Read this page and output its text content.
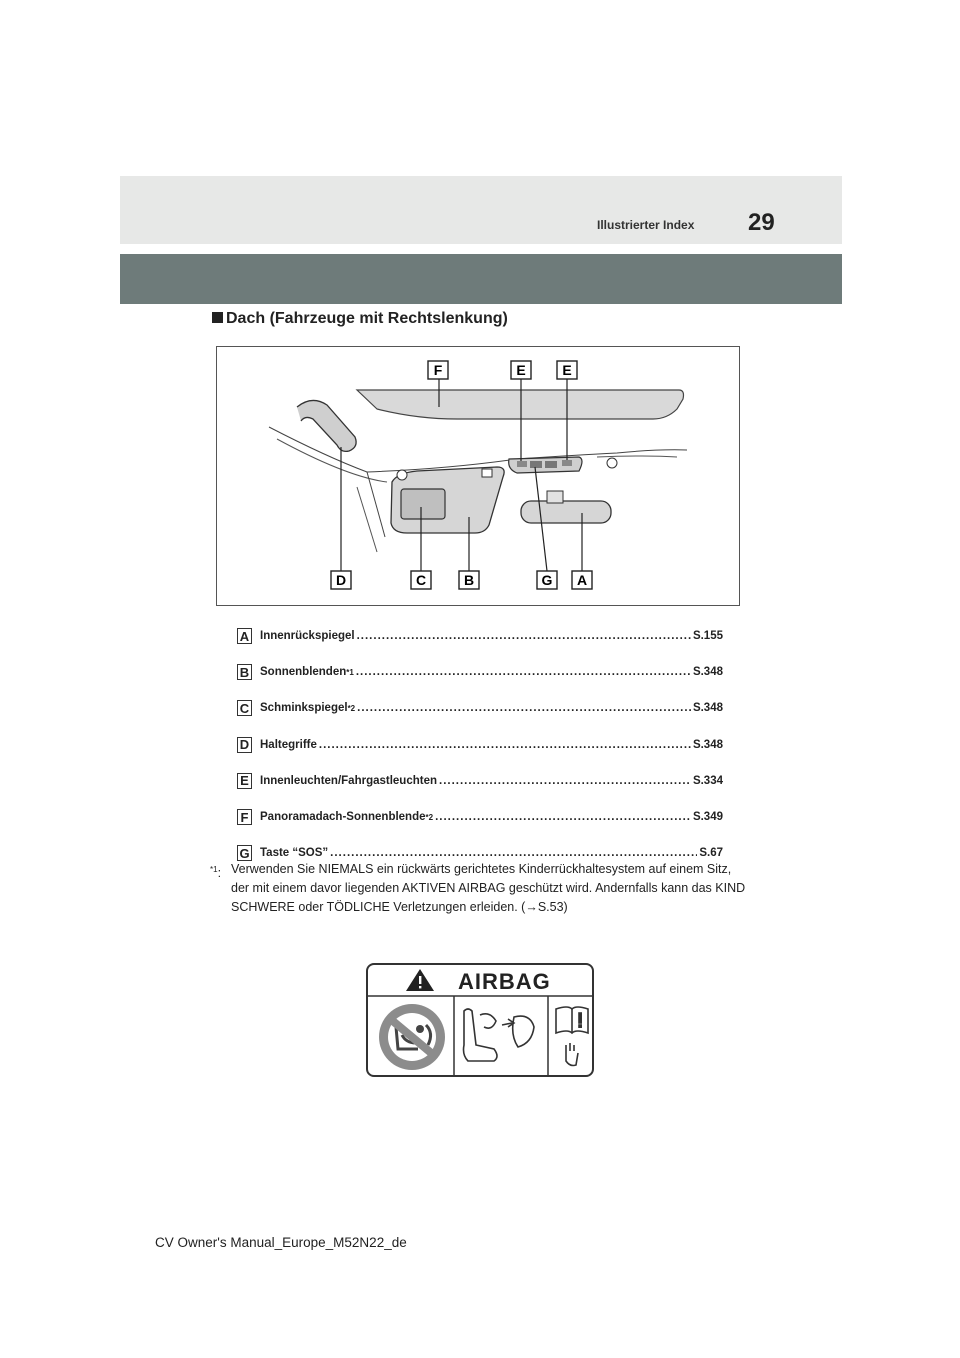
Illustrierter Index 29
Dach (Fahrzeuge mit Rechtslenkung)
F	E	E
D	C	B	G A
A Innenrückspiegel .....	S.155
B Sonnenblenden *1 .....	S.348
C Schminkspiegel *2 .....	S.348
D Haltegriffe .....	S.348
E Innenleuchten/Fahrgastleuchten .....	S.334
F	Panoramadach-Sonnenblende *2 .....	S.349
G Taste “SOS” .....	S.67
$^{*1}$: Verwenden Sie NIEMALS ein rückwärts gerichtetes Kinderrückhaltesystem auf einem Sitz, der mit einem davor liegenden AKTIVEN AIRBAG geschützt wird. Andernfalls kann das KIND SCHWERE oder TÖDLICHE Verletzungen erleiden. (→S.53)
AIRBAG
CV Owner's Manual_Europe_M52N22_de
